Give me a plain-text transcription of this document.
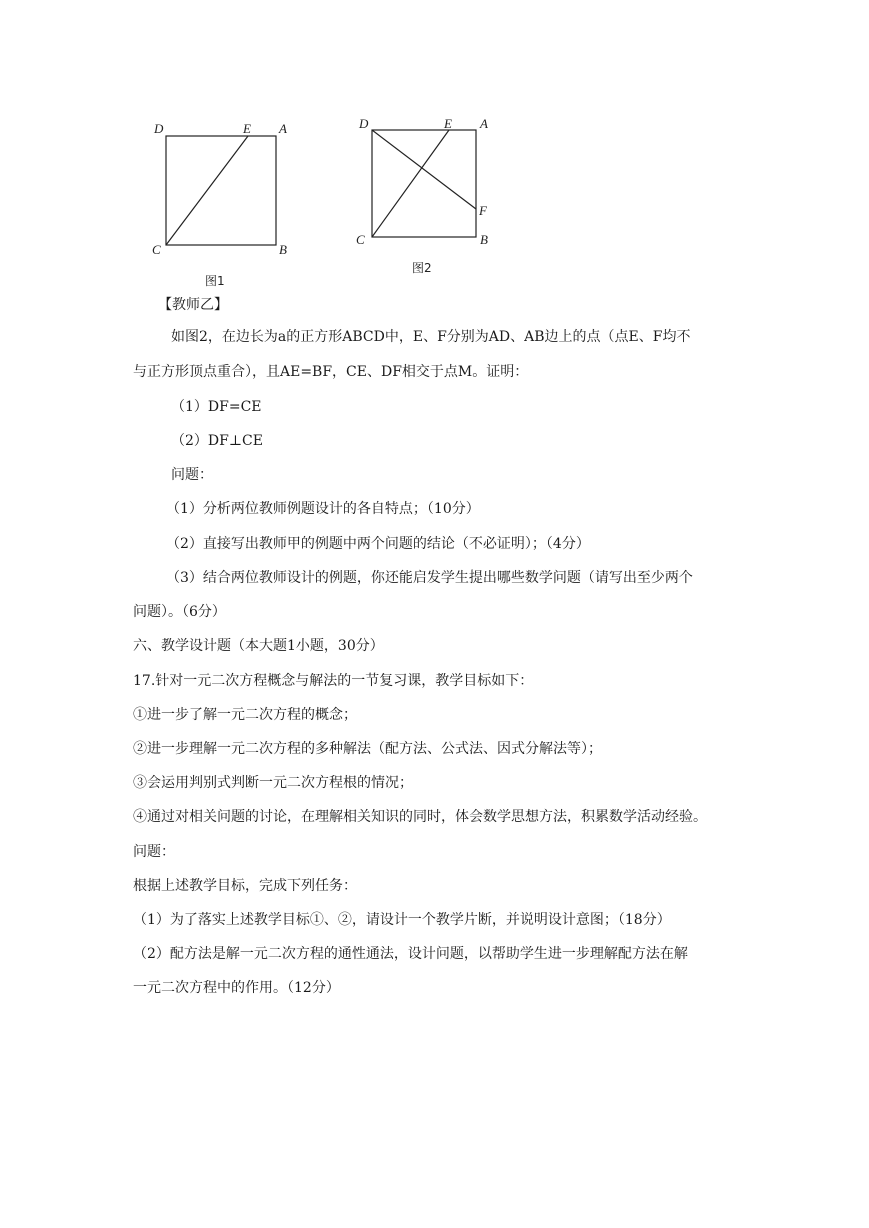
D	E A
C	B
图1
D	E A
F
C	B
图2
【教师乙】
如图2，在边长为a的正方形ABCD中，E、F分别为AD、AB边上的点（点E、F均不
与正方形顶点重合），且AE=BF，CE、DF相交于点M。证明：
（1）DF=CE
（2）DF⊥CE
问题：
（1）分析两位教师例题设计的各自特点；（10分）
（2）直接写出教师甲的例题中两个问题的结论（不必证明）；（4分）
（3）结合两位教师设计的例题，你还能启发学生提出哪些数学问题（请写出至少两个
问题）。（6分）
六、教学设计题（本大题1小题，30分）
17.针对一元二次方程概念与解法的一节复习课，教学目标如下：
①进一步了解一元二次方程的概念；
②进一步理解一元二次方程的多种解法（配方法、公式法、因式分解法等）；
③会运用判别式判断一元二次方程根的情况；
④通过对相关问题的讨论，在理解相关知识的同时，体会数学思想方法，积累数学活动经验。
问题：
根据上述教学目标，完成下列任务：
（1）为了落实上述教学目标①、②，请设计一个教学片断，并说明设计意图；（18分）
（2）配方法是解一元二次方程的通性通法，设计问题，以帮助学生进一步理解配方法在解
一元二次方程中的作用。（12分）
